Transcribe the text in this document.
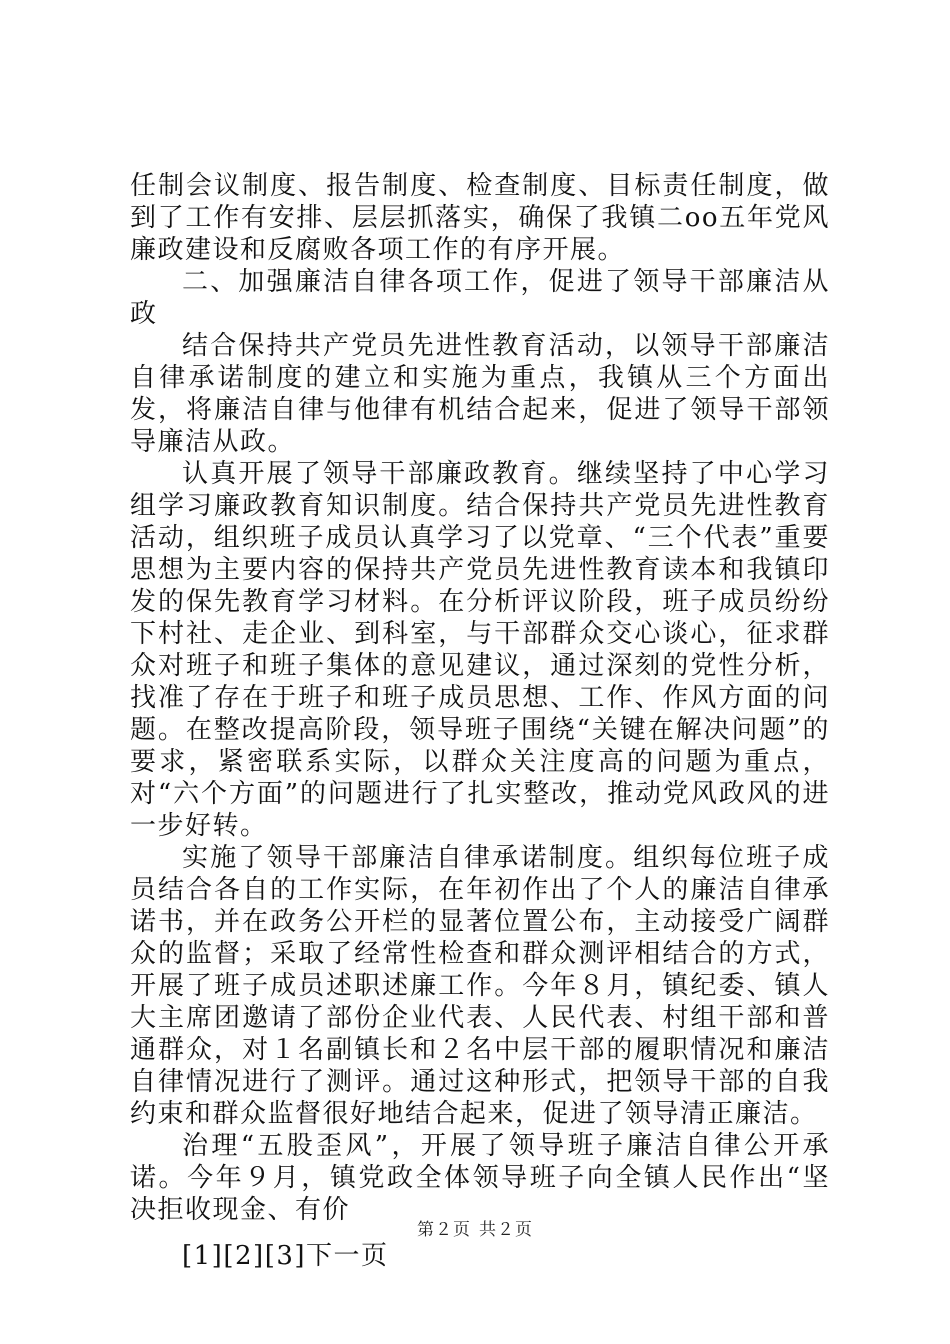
任制会议制度、报告制度、检查制度、目标责任制度，做到了工作有安排、层层抓落实，确保了我镇二oo五年党风廉政建设和反腐败各项工作的有序开展。

二、加强廉洁自律各项工作，促进了领导干部廉洁从政

结合保持共产党员先进性教育活动，以领导干部廉洁自律承诺制度的建立和实施为重点，我镇从三个方面出发，将廉洁自律与他律有机结合起来，促进了领导干部领导廉洁从政。

认真开展了领导干部廉政教育。继续坚持了中心学习组学习廉政教育知识制度。结合保持共产党员先进性教育活动，组织班子成员认真学习了以党章、“三个代表”重要思想为主要内容的保持共产党员先进性教育读本和我镇印发的保先教育学习材料。在分析评议阶段，班子成员纷纷下村社、走企业、到科室，与干部群众交心谈心，征求群众对班子和班子集体的意见建议，通过深刻的党性分析，找准了存在于班子和班子成员思想、工作、作风方面的问题。在整改提高阶段，领导班子围绕“关键在解决问题”的要求，紧密联系实际，以群众关注度高的问题为重点，对“六个方面”的问题进行了扎实整改，推动党风政风的进一步好转。

实施了领导干部廉洁自律承诺制度。组织每位班子成员结合各自的工作实际，在年初作出了个人的廉洁自律承诺书，并在政务公开栏的显著位置公布，主动接受广阔群众的监督；采取了经常性检查和群众测评相结合的方式，开展了班子成员述职述廉工作。今年８月，镇纪委、镇人大主席团邀请了部份企业代表、人民代表、村组干部和普通群众，对１名副镇长和２名中层干部的履职情况和廉洁自律情况进行了测评。通过这种形式，把领导干部的自我约束和群众监督很好地结合起来，促进了领导清正廉洁。

治理“五股歪风”，开展了领导班子廉洁自律公开承诺。今年９月，镇党政全体领导班子向全镇人民作出“坚决拒收现金、有价

[1][2][3]下一页
第２页 共２页
